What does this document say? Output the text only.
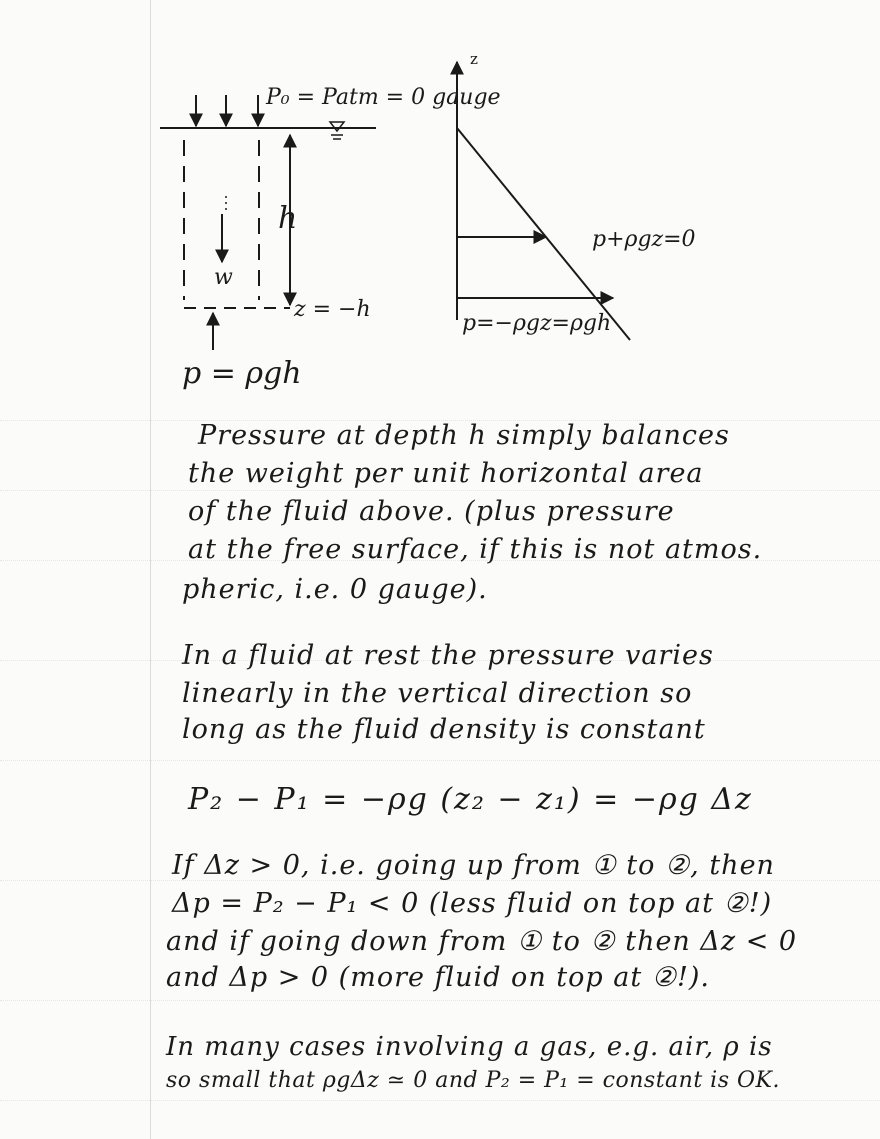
P₀ = Patm = 0 gauge
h
w
z = −h
p = ρgh
z
p+ρgz=0
p=−ρgz=ρgh
Pressure at depth h simply balances
the weight per unit horizontal area
of the fluid above. (plus pressure
at the free surface, if this is not atmos.
pheric, i.e. 0 gauge).
In a fluid at rest the pressure varies
linearly in the vertical direction so
long as the fluid density is constant
P₂ − P₁ = −ρg (z₂ − z₁) = −ρg Δz
If Δz > 0, i.e. going up from ① to ②, then
Δp = P₂ − P₁ < 0 (less fluid on top at ②!)
and if going down from ① to ② then Δz < 0
and Δp > 0 (more fluid on top at ②!).
In many cases involving a gas, e.g. air, ρ is
so small that ρgΔz ≃ 0 and P₂ = P₁ = constant is OK.
